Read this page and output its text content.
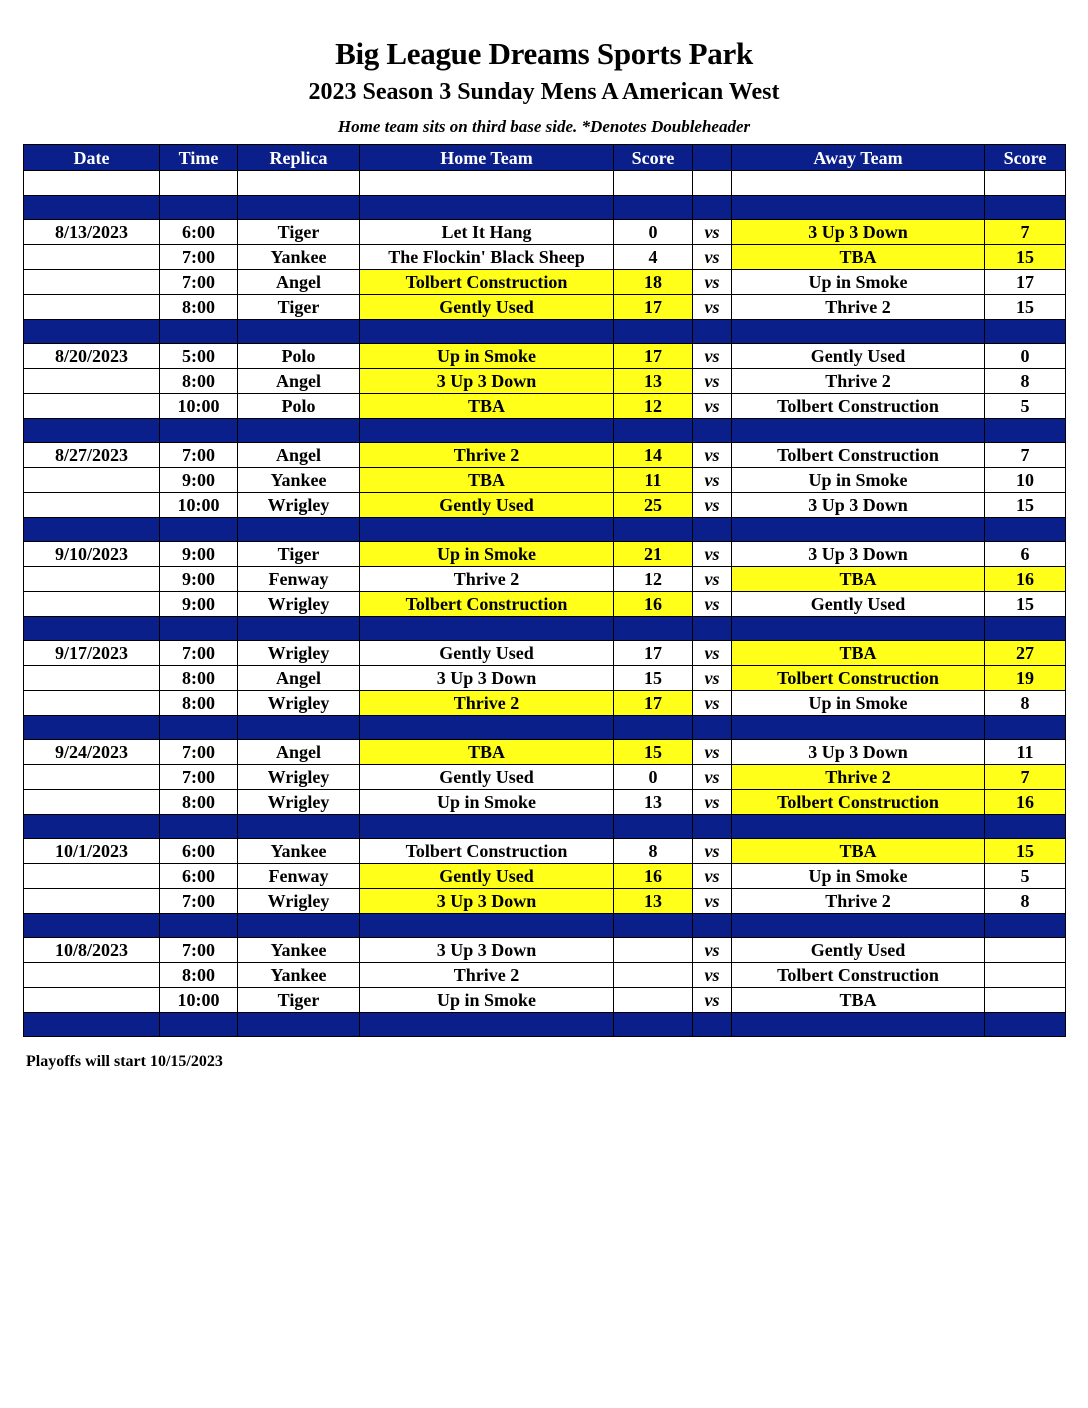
Big League Dreams Sports Park
2023 Season 3 Sunday Mens A American West
Home team sits on third base side. *Denotes Doubleheader
Date	Time	Replica	Home Team	Score		Away Team	Score

8/13/2023	6:00	Tiger	Let It Hang	0	vs	3 Up 3 Down	7
	7:00	Yankee	The Flockin' Black Sheep	4	vs	TBA	15
	7:00	Angel	Tolbert Construction	18	vs	Up in Smoke	17
	8:00	Tiger	Gently Used	17	vs	Thrive 2	15

8/20/2023	5:00	Polo	Up in Smoke	17	vs	Gently Used	0
	8:00	Angel	3 Up 3 Down	13	vs	Thrive 2	8
	10:00	Polo	TBA	12	vs	Tolbert Construction	5

8/27/2023	7:00	Angel	Thrive 2	14	vs	Tolbert Construction	7
	9:00	Yankee	TBA	11	vs	Up in Smoke	10
	10:00	Wrigley	Gently Used	25	vs	3 Up 3 Down	15

9/10/2023	9:00	Tiger	Up in Smoke	21	vs	3 Up 3 Down	6
	9:00	Fenway	Thrive 2	12	vs	TBA	16
	9:00	Wrigley	Tolbert Construction	16	vs	Gently Used	15

9/17/2023	7:00	Wrigley	Gently Used	17	vs	TBA	27
	8:00	Angel	3 Up 3 Down	15	vs	Tolbert Construction	19
	8:00	Wrigley	Thrive 2	17	vs	Up in Smoke	8

9/24/2023	7:00	Angel	TBA	15	vs	3 Up 3 Down	11
	7:00	Wrigley	Gently Used	0	vs	Thrive 2	7
	8:00	Wrigley	Up in Smoke	13	vs	Tolbert Construction	16

10/1/2023	6:00	Yankee	Tolbert Construction	8	vs	TBA	15
	6:00	Fenway	Gently Used	16	vs	Up in Smoke	5
	7:00	Wrigley	3 Up 3 Down	13	vs	Thrive 2	8

10/8/2023	7:00	Yankee	3 Up 3 Down		vs	Gently Used	
	8:00	Yankee	Thrive 2		vs	Tolbert Construction	
	10:00	Tiger	Up in Smoke		vs	TBA	

Playoffs will start 10/15/2023
